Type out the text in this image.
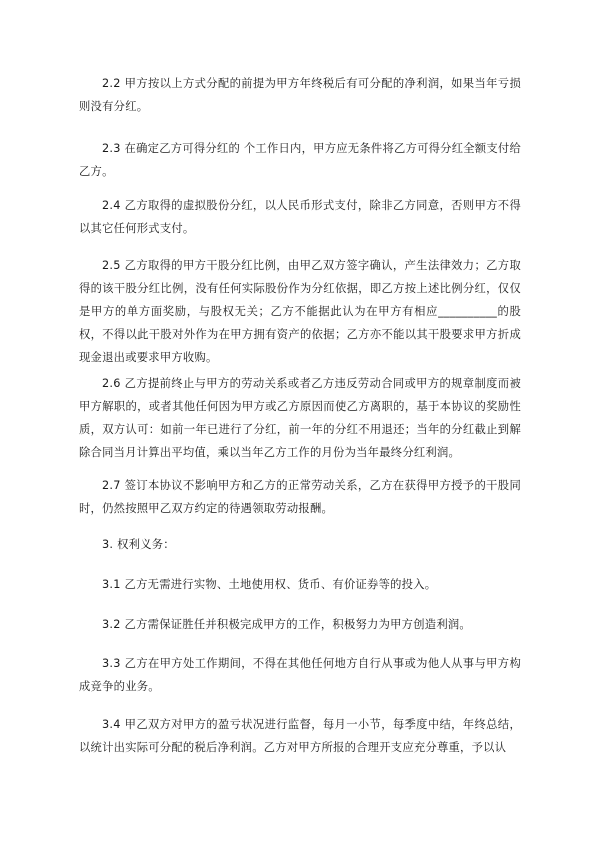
2.2 甲方按以上方式分配的前提为甲方年终税后有可分配的净利润，如果当年亏损则没有分红。

2.3 在确定乙方可得分红的 个工作日内，甲方应无条件将乙方可得分红全额支付给乙方。

2.4 乙方取得的虚拟股份分红，以人民币形式支付，除非乙方同意，否则甲方不得以其它任何形式支付。

2.5 乙方取得的甲方干股分红比例，由甲乙双方签字确认，产生法律效力；乙方取得的该干股分红比例，没有任何实际股份作为分红依据，即乙方按上述比例分红，仅仅是甲方的单方面奖励，与股权无关；乙方不能据此认为在甲方有相应__________的股权，不得以此干股对外作为在甲方拥有资产的依据；乙方亦不能以其干股要求甲方折成现金退出或要求甲方收购。

2.6 乙方提前终止与甲方的劳动关系或者乙方违反劳动合同或甲方的规章制度而被甲方解职的，或者其他任何因为甲方或乙方原因而使乙方离职的，基于本协议的奖励性质，双方认可：如前一年已进行了分红，前一年的分红不用退还；当年的分红截止到解除合同当月计算出平均值，乘以当年乙方工作的月份为当年最终分红利润。

2.7 签订本协议不影响甲方和乙方的正常劳动关系，乙方在获得甲方授予的干股同时，仍然按照甲乙双方约定的待遇领取劳动报酬。

3. 权利义务：

3.1 乙方无需进行实物、土地使用权、货币、有价证券等的投入。

3.2 乙方需保证胜任并积极完成甲方的工作，积极努力为甲方创造利润。

3.3 乙方在甲方处工作期间，不得在其他任何地方自行从事或为他人从事与甲方构成竞争的业务。

3.4 甲乙双方对甲方的盈亏状况进行监督，每月一小节，每季度中结，年终总结，以统计出实际可分配的税后净利润。乙方对甲方所报的合理开支应充分尊重，予以认
